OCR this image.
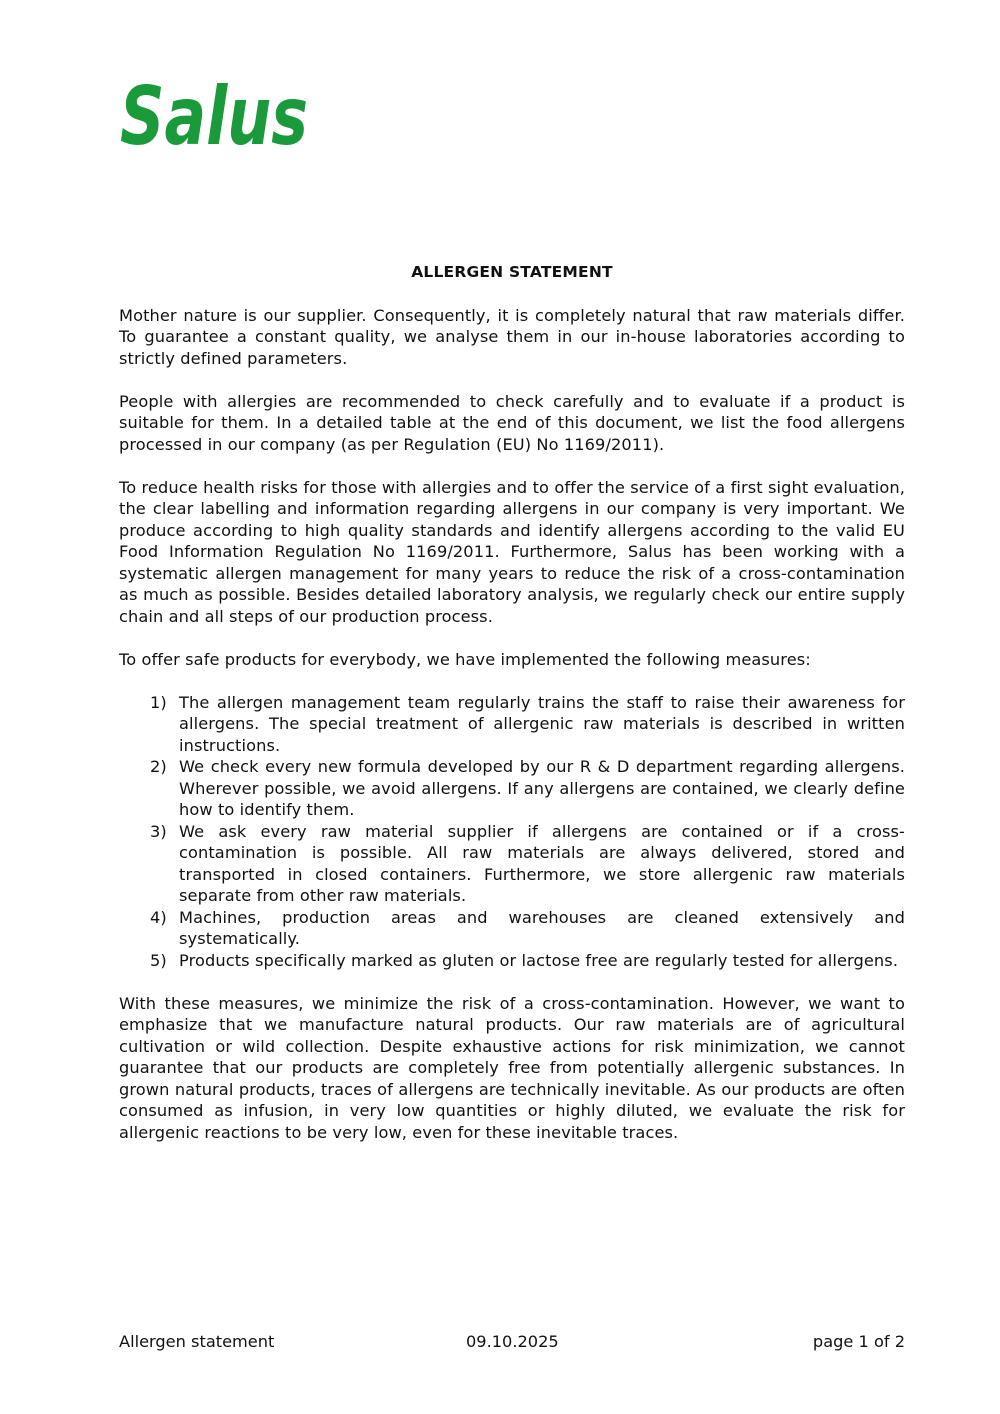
Salus
ALLERGEN STATEMENT

Mother nature is our supplier. Consequently, it is completely natural that raw materials differ. To guarantee a constant quality, we analyse them in our in-house laboratories according to strictly defined parameters.

People with allergies are recommended to check carefully and to evaluate if a product is suitable for them. In a detailed table at the end of this document, we list the food allergens processed in our company (as per Regulation (EU) No 1169/2011).

To reduce health risks for those with allergies and to offer the service of a first sight evaluation, the clear labelling and information regarding allergens in our company is very important. We produce according to high quality standards and identify allergens according to the valid EU Food Information Regulation No 1169/2011. Furthermore, Salus has been working with a systematic allergen management for many years to reduce the risk of a cross-contamination as much as possible. Besides detailed laboratory analysis, we regularly check our entire supply chain and all steps of our production process.

To offer safe products for everybody, we have implemented the following measures:

1) The allergen management team regularly trains the staff to raise their awareness for allergens. The special treatment of allergenic raw materials is described in written instructions.
2) We check every new formula developed by our R & D department regarding allergens. Wherever possible, we avoid allergens. If any allergens are contained, we clearly define how to identify them.
3) We ask every raw material supplier if allergens are contained or if a cross-contamination is possible. All raw materials are always delivered, stored and transported in closed containers. Furthermore, we store allergenic raw materials separate from other raw materials.
4) Machines, production areas and warehouses are cleaned extensively and systematically.
5) Products specifically marked as gluten or lactose free are regularly tested for allergens.

With these measures, we minimize the risk of a cross-contamination. However, we want to emphasize that we manufacture natural products. Our raw materials are of agricultural cultivation or wild collection. Despite exhaustive actions for risk minimization, we cannot guarantee that our products are completely free from potentially allergenic substances. In grown natural products, traces of allergens are technically inevitable. As our products are often consumed as infusion, in very low quantities or highly diluted, we evaluate the risk for allergenic reactions to be very low, even for these inevitable traces.

Allergen statement	09.10.2025	page 1 of 2
